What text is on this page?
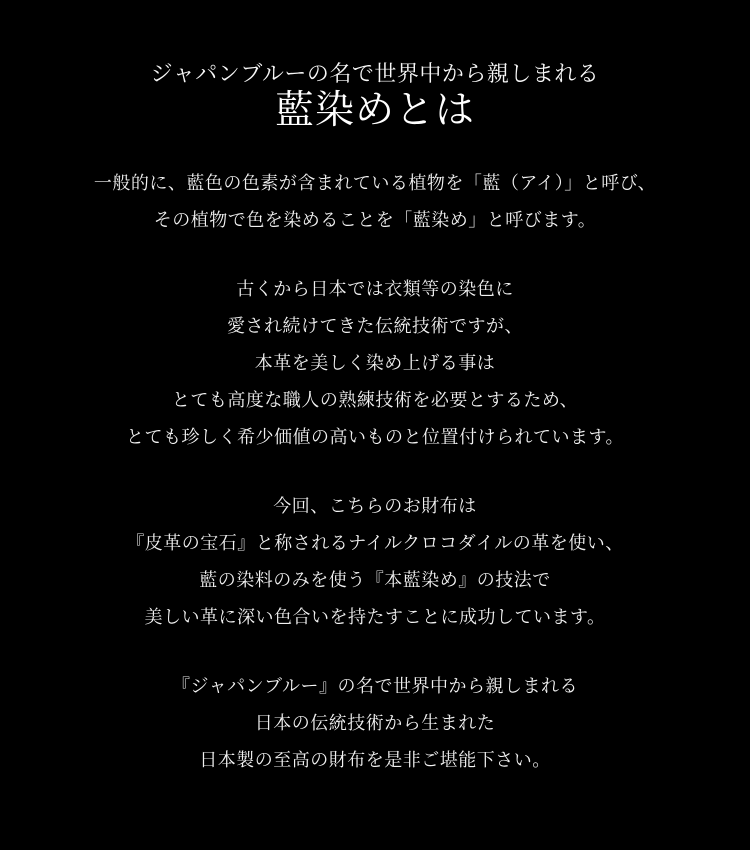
ジャパンブルーの名で世界中から親しまれる

藍染めとは

一般的に、藍色の色素が含まれている植物を「藍（アイ）」と呼び、

その植物で色を染めることを「藍染め」と呼びます。

古くから日本では衣類等の染色に

愛され続けてきた伝統技術ですが、

本革を美しく染め上げる事は

とても高度な職人の熟練技術を必要とするため、

とても珍しく希少価値の高いものと位置付けられています。

今回、こちらのお財布は

『皮革の宝石』と称されるナイルクロコダイルの革を使い、

藍の染料のみを使う『本藍染め』の技法で

美しい革に深い色合いを持たすことに成功しています。

『ジャパンブルー』の名で世界中から親しまれる

日本の伝統技術から生まれた

日本製の至高の財布を是非ご堪能下さい。
